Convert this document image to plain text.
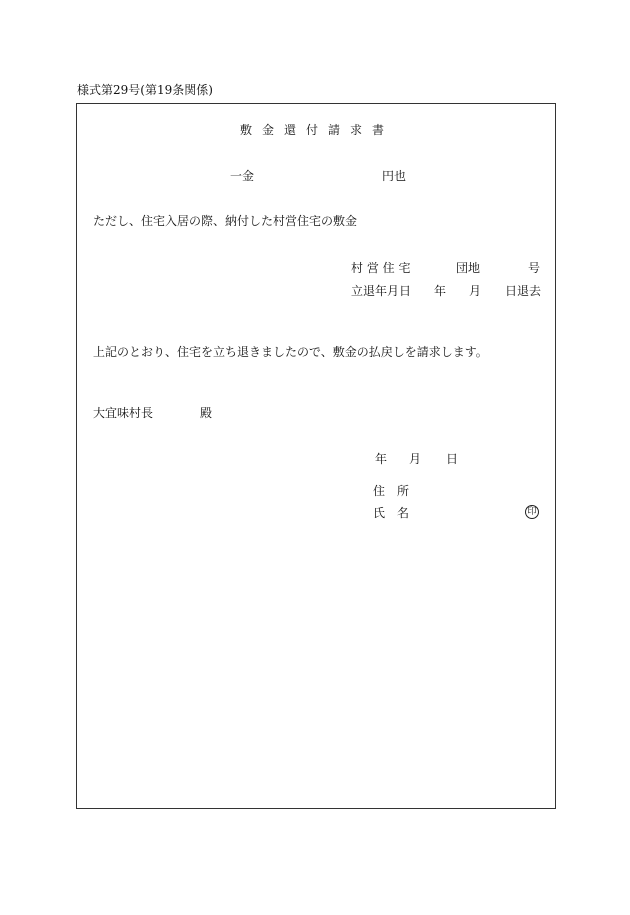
様式第29号(第19条関係)
敷金還付請求書
一金	円也
ただし、住宅入居の際、納付した村営住宅の敷金
村 営 住 宅	団地	号
立退年月日 年 月 日退去
上記のとおり、住宅を立ち退きましたので、敷金の払戻しを請求します。
大宜味村長	殿
年 月 日
住　所
氏　名	印
